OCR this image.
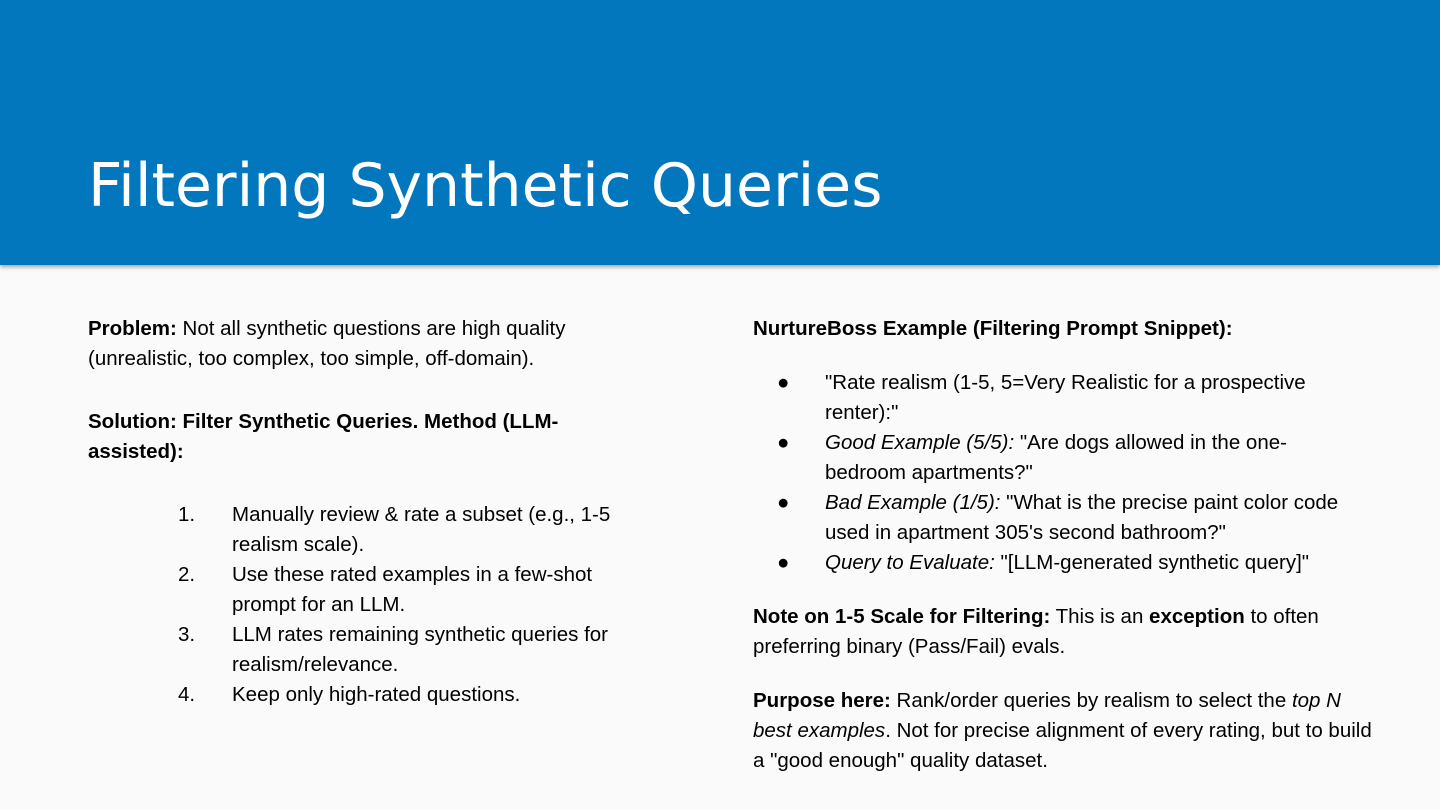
Filtering Synthetic Queries

Problem: Not all synthetic questions are high quality (unrealistic, too complex, too simple, off-domain).

Solution: Filter Synthetic Queries. Method (LLM-assisted):

1. Manually review & rate a subset (e.g., 1-5 realism scale).
2. Use these rated examples in a few-shot prompt for an LLM.
3. LLM rates remaining synthetic queries for realism/relevance.
4. Keep only high-rated questions.

NurtureBoss Example (Filtering Prompt Snippet):

● "Rate realism (1-5, 5=Very Realistic for a prospective renter):"
● Good Example (5/5): "Are dogs allowed in the one-bedroom apartments?"
● Bad Example (1/5): "What is the precise paint color code used in apartment 305's second bathroom?"
● Query to Evaluate: "[LLM-generated synthetic query]"

Note on 1-5 Scale for Filtering: This is an exception to often preferring binary (Pass/Fail) evals.

Purpose here: Rank/order queries by realism to select the top N best examples. Not for precise alignment of every rating, but to build a "good enough" quality dataset.
